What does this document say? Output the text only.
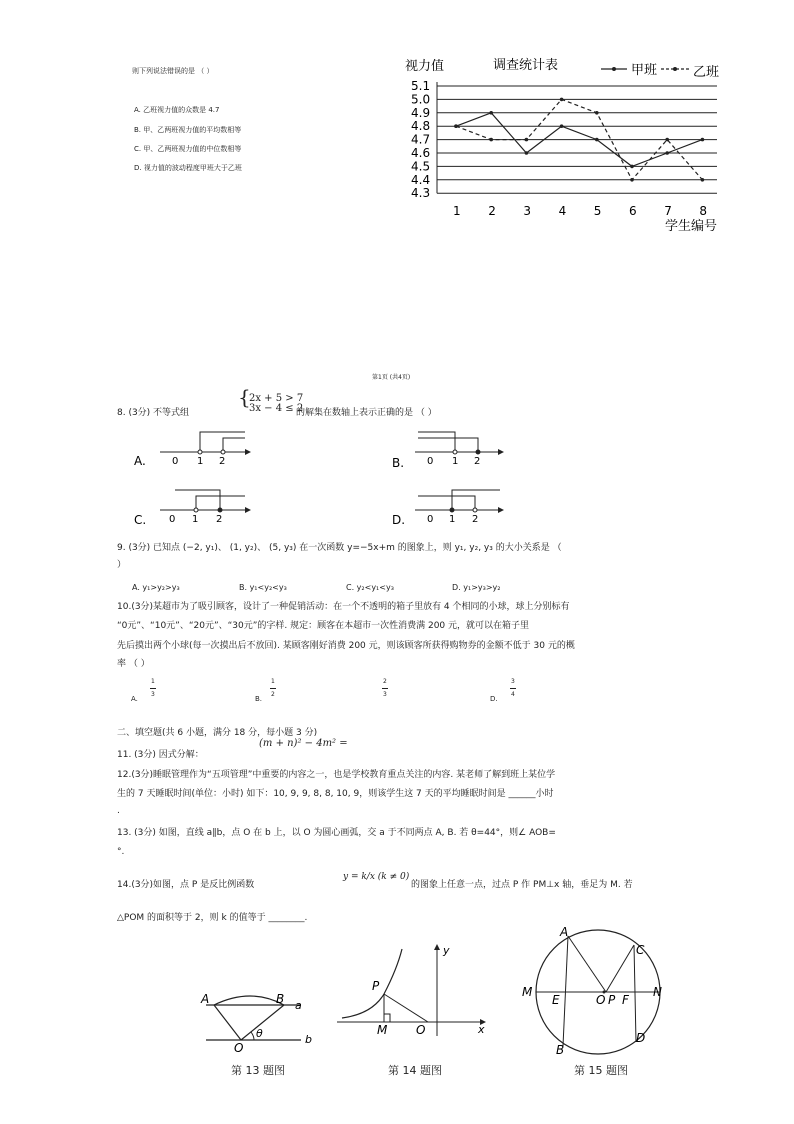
则下列说法错误的是 （ ）
A. 乙班视力值的众数是 4.7
B. 甲、乙两班视力值的平均数相等
C. 甲、乙两班视力值的中位数相等
D. 视力值的波动程度甲班大于乙班
视力值	调查统计表	甲班	乙班
5.1
5.0
4.9
4.8
4.7
4.6
4.5
4.4
4.3
1 2 3 4 5 6 7 8
学生编号
第1页 (共4页)
8. (3分) 不等式组
{
2x + 5 > 7
3x − 4 ≤ 2
的解集在数轴上表示正确的是 （ ）
A.	0 1 2	B. 0 1 2
C. 0 1 2	D. 0 1 2
9. (3分) 已知点 (−2, y₁)、 (1, y₂)、 (5, y₃) 在一次函数 y=−5x+m 的图象上，则 y₁, y₂, y₃ 的大小关系是 （
）
A. y₁>y₂>y₃	B. y₁<y₂<y₃	C. y₂<y₁<y₃	D. y₁>y₃>y₂
10.(3分)某超市为了吸引顾客，设计了一种促销活动：在一个不透明的箱子里放有 4 个相同的小球，球上分别标有
“0元”、“10元”、“20元”、“30元”的字样. 规定：顾客在本超市一次性消费满 200 元，就可以在箱子里
先后摸出两个小球(每一次摸出后不放回). 某顾客刚好消费 200 元，则该顾客所获得购物券的金额不低于 30 元的概
率 （ ）
A.
1
3
B.
1
2
2
3
D.
3
4
二、填空题(共 6 小题，满分 18 分，每小题 3 分)
11. (3分) 因式分解：
(m + n)² − 4m² =
12.(3分)睡眠管理作为“五项管理”中重要的内容之一，也是学校教育重点关注的内容. 某老师了解到班上某位学
生的 7 天睡眠时间(单位：小时) 如下：10, 9, 9, 8, 8, 10, 9，则该学生这 7 天的平均睡眠时间是 ______小时
.
13. (3分) 如图，直线 a∥b，点 O 在 b 上，以 O 为圆心画弧，交 a 于不同两点 A, B. 若 θ=44°，则∠ AOB=
°.
14.(3分)如图，点 P 是反比例函数
y = k/x (k ≠ 0)
的图象上任意一点，过点 P 作 PM⊥x 轴，垂足为 M. 若
△POM 的面积等于 2，则 k 的值等于 ________.
A	B a
b
O
θ
第 13 题图
P
M O	x
y
第 14 题图
A
C
M
E	O P F
N
B
D
第 15 题图
